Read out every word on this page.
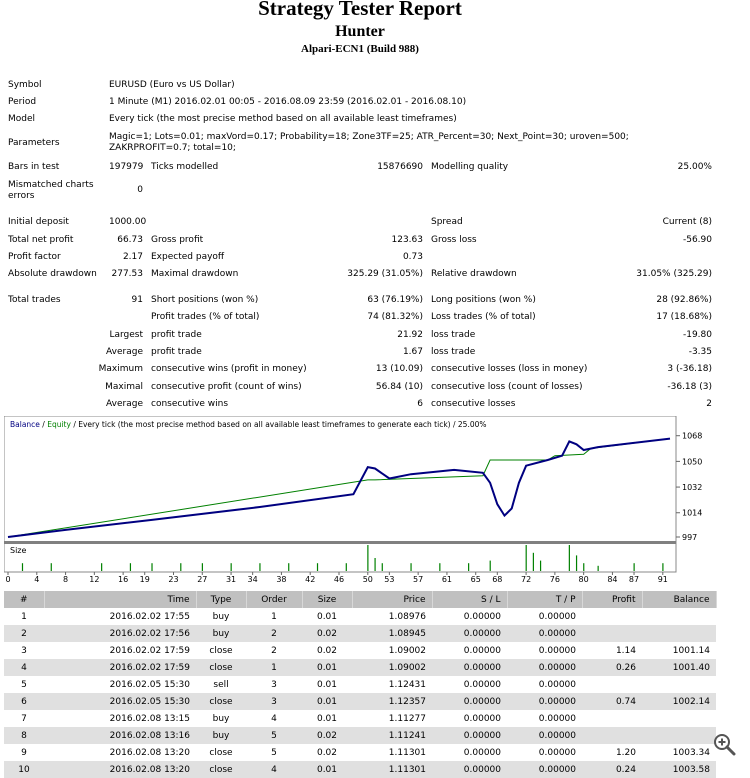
Strategy Tester Report
Hunter
Alpari-ECN1 (Build 988)
Symbol	EURUSD (Euro vs US Dollar)				
Period	1 Minute (M1) 2016.02.01 00:05 - 2016.08.09 23:59 (2016.02.01 - 2016.08.10)				
Model	Every tick (the most precise method based on all available least timeframes)				
Parameters	Magic=1; Lots=0.01; maxVord=0.17; Probability=18; Zone3TF=25; ATR_Percent=30; Next_Point=30; uroven=500; ZAKRPROFIT=0.7; total=10;				
Bars in test	197979	Ticks modelled	15876690	Modelling quality	25.00%
Mismatched charts errors	0				

Initial deposit	1000.00			Spread	Current (8)
Total net profit	66.73	Gross profit	123.63	Gross loss	-56.90
Profit factor	2.17	Expected payoff	0.73		
Absolute drawdown	277.53	Maximal drawdown	325.29 (31.05%)	Relative drawdown	31.05% (325.29)

Total trades	91	Short positions (won %)	63 (76.19%)	Long positions (won %)	28 (92.86%)
		Profit trades (% of total)	74 (81.32%)	Loss trades (% of total)	17 (18.68%)
Largest		profit trade	21.92	loss trade	-19.80
Average		profit trade	1.67	loss trade	-3.35
Maximum		consecutive wins (profit in money)	13 (10.09)	consecutive losses (loss in money)	3 (-36.18)
Maximal		consecutive profit (count of wins)	56.84 (10)	consecutive loss (count of losses)	-36.18 (3)
Average		consecutive wins	6	consecutive losses	2
Balance / Equity / Every tick (the most precise method based on all available least timeframes to generate each tick) / 25.00%
Size
1068
1050
1032
1014
997
0	4	8	12 16 19 23 27 31 34 38 42 46 50 53 57 61 65 68 72 76 80 84 87 91
#	Time	Type	Order	Size	Price	S / L	T / P	Profit	Balance
1	2016.02.02 17:55	buy	1	0.01	1.08976	0.00000	0.00000		
2	2016.02.02 17:56	buy	2	0.02	1.08945	0.00000	0.00000		
3	2016.02.02 17:59	close	2	0.02	1.09002	0.00000	0.00000	1.14	1001.14
4	2016.02.02 17:59	close	1	0.01	1.09002	0.00000	0.00000	0.26	1001.40
5	2016.02.05 15:30	sell	3	0.01	1.12431	0.00000	0.00000		
6	2016.02.05 15:30	close	3	0.01	1.12357	0.00000	0.00000	0.74	1002.14
7	2016.02.08 13:15	buy	4	0.01	1.11277	0.00000	0.00000		
8	2016.02.08 13:16	buy	5	0.02	1.11241	0.00000	0.00000		
9	2016.02.08 13:20	close	5	0.02	1.11301	0.00000	0.00000	1.20	1003.34
10	2016.02.08 13:20	close	4	0.01	1.11301	0.00000	0.00000	0.24	1003.58
